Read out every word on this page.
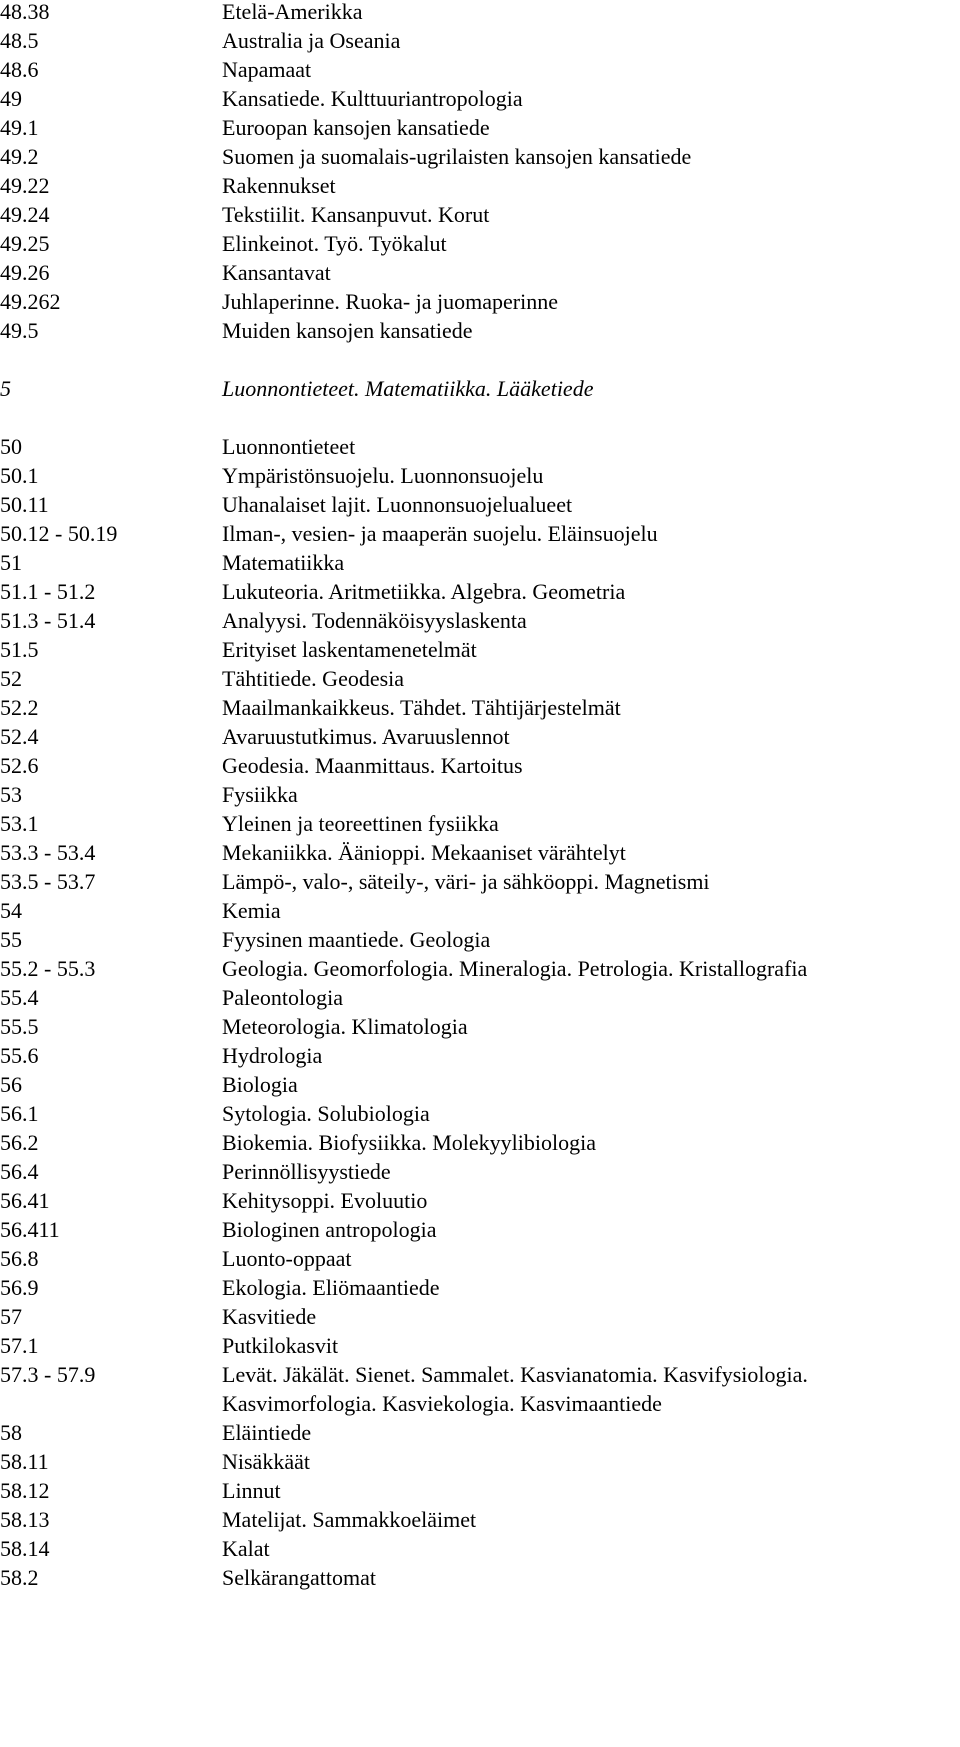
48.38	Etelä-Amerikka
48.5	Australia ja Oseania
48.6	Napamaat
49	Kansatiede. Kulttuuriantropologia
49.1	Euroopan kansojen kansatiede
49.2	Suomen ja suomalais-ugrilaisten kansojen kansatiede
49.22	Rakennukset
49.24	Tekstiilit. Kansanpuvut. Korut
49.25	Elinkeinot. Työ. Työkalut
49.26	Kansantavat
49.262	Juhlaperinne. Ruoka- ja juomaperinne
49.5	Muiden kansojen kansatiede
5	Luonnontieteet. Matematiikka. Lääketiede
50	Luonnontieteet
50.1	Ympäristönsuojelu. Luonnonsuojelu
50.11	Uhanalaiset lajit. Luonnonsuojelualueet
50.12 - 50.19	Ilman-, vesien- ja maaperän suojelu. Eläinsuojelu
51	Matematiikka
51.1 - 51.2	Lukuteoria. Aritmetiikka. Algebra. Geometria
51.3 - 51.4	Analyysi. Todennäköisyyslaskenta
51.5	Erityiset laskentamenetelmät
52	Tähtitiede. Geodesia
52.2	Maailmankaikkeus. Tähdet. Tähtijärjestelmät
52.4	Avaruustutkimus. Avaruuslennot
52.6	Geodesia. Maanmittaus. Kartoitus
53	Fysiikka
53.1	Yleinen ja teoreettinen fysiikka
53.3 - 53.4	Mekaniikka. Äänioppi. Mekaaniset värähtelyt
53.5 - 53.7	Lämpö-, valo-, säteily-, väri- ja sähköoppi. Magnetismi
54	Kemia
55	Fyysinen maantiede. Geologia
55.2 - 55.3	Geologia. Geomorfologia. Mineralogia. Petrologia. Kristallografia
55.4	Paleontologia
55.5	Meteorologia. Klimatologia
55.6	Hydrologia
56	Biologia
56.1	Sytologia. Solubiologia
56.2	Biokemia. Biofysiikka. Molekyylibiologia
56.4	Perinnöllisyystiede
56.41	Kehitysoppi. Evoluutio
56.411	Biologinen antropologia
56.8	Luonto-oppaat
56.9	Ekologia. Eliömaantiede
57	Kasvitiede
57.1	Putkilokasvit
57.3 - 57.9	Levät. Jäkälät. Sienet. Sammalet. Kasvianatomia. Kasvifysiologia.
Kasvimorfologia. Kasviekologia. Kasvimaantiede
58	Eläintiede
58.11	Nisäkkäät
58.12	Linnut
58.13	Matelijat. Sammakkoeläimet
58.14	Kalat
58.2	Selkärangattomat
